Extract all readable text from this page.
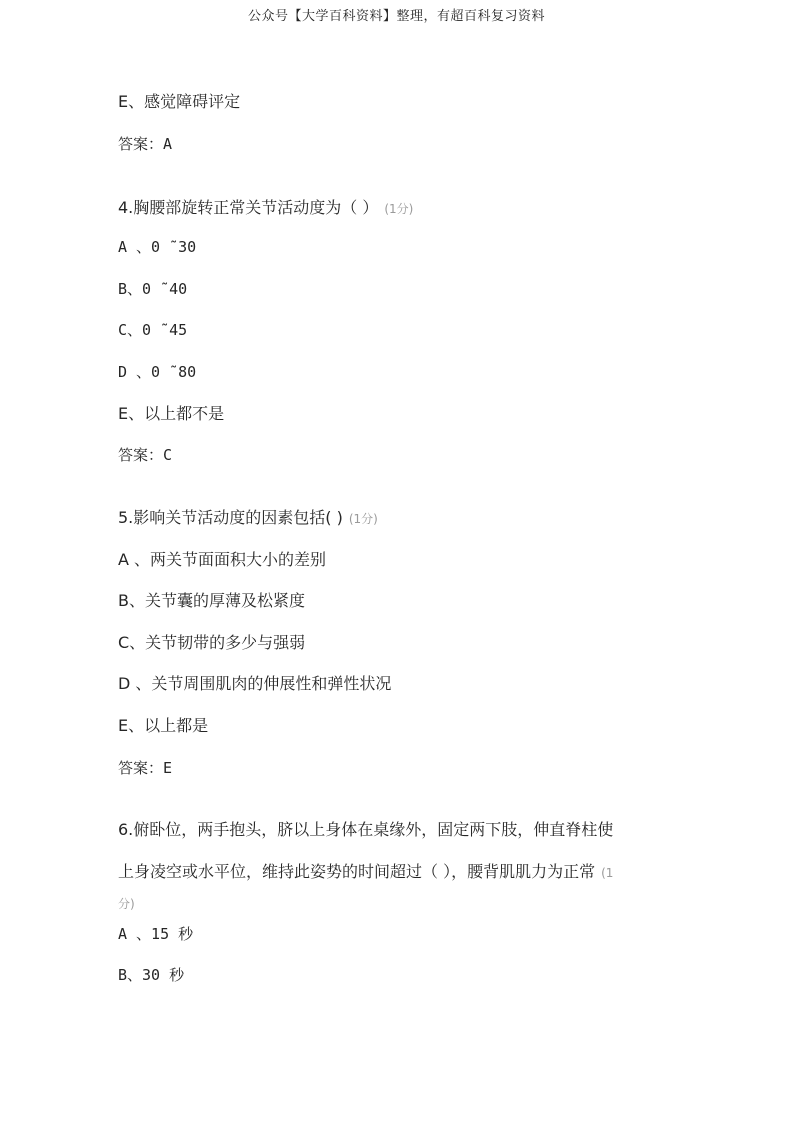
公众号【大学百科资料】整理，有超百科复习资料
E、感觉障碍评定
答案：A
4.胸腰部旋转正常关节活动度为（ ） (1分)
A 、0 ˜30
B、0 ˜40
C、0 ˜45
D 、0 ˜80
E、以上都不是
答案：C
5.影响关节活动度的因素包括( ) (1分)
A 、两关节面面积大小的差别
B、关节囊的厚薄及松紧度
C、关节韧带的多少与强弱
D 、关节周围肌肉的伸展性和弹性状况
E、以上都是
答案：E
6.俯卧位，两手抱头，脐以上身体在桌缘外，固定两下肢，伸直脊柱使
上身凌空或水平位，维持此姿势的时间超过（ ），腰背肌肌力为正常 (1
分)
A 、15 秒
B、30 秒
